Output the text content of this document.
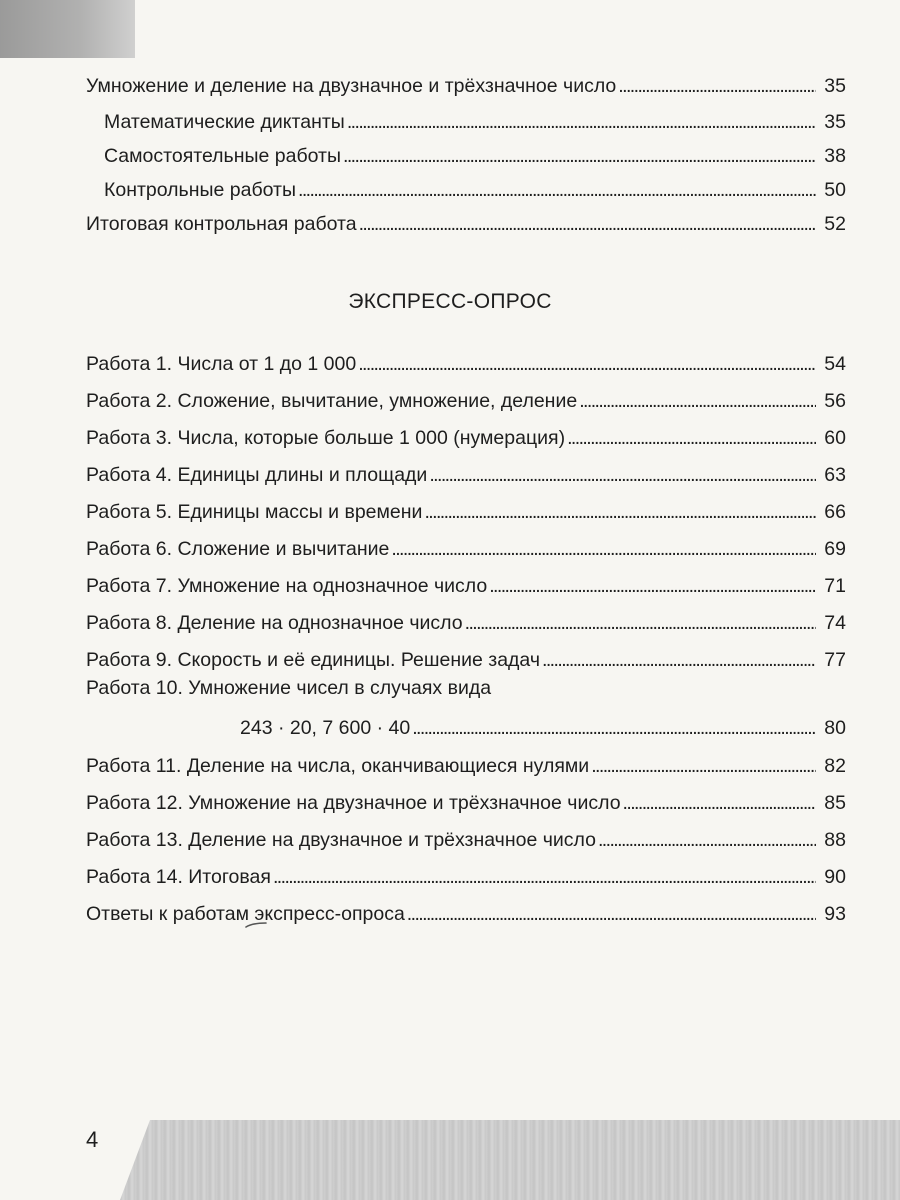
Умножение и деление на двузначное и трёхзначное число . . .	35
Математические диктанты . . .	35
Самостоятельные работы . . .	38
Контрольные работы . . .	50
Итоговая контрольная работа . . .	52
ЭКСПРЕСС-ОПРОС
Работа 1. Числа от 1 до 1 000 . . .	54
Работа 2. Сложение, вычитание, умножение, деление . . .	56
Работа 3. Числа, которые больше 1 000 (нумерация) . . .	60
Работа 4. Единицы длины и площади . . .	63
Работа 5. Единицы массы и времени . . .	66
Работа 6. Сложение и вычитание . . .	69
Работа 7. Умножение на однозначное число . . .	71
Работа 8. Деление на однозначное число . . .	74
Работа 9. Скорость и её единицы. Решение задач . . .	77
Работа 10. Умножение чисел в случаях вида
243 · 20, 7 600 · 40 . . .	80
Работа 11. Деление на числа, оканчивающиеся нулями . . .	82
Работа 12. Умножение на двузначное и трёхзначное число . . .	85
Работа 13. Деление на двузначное и трёхзначное число . . .	88
Работа 14. Итоговая . . .	90
Ответы к работам экспресс-опроса . . .	93
4
